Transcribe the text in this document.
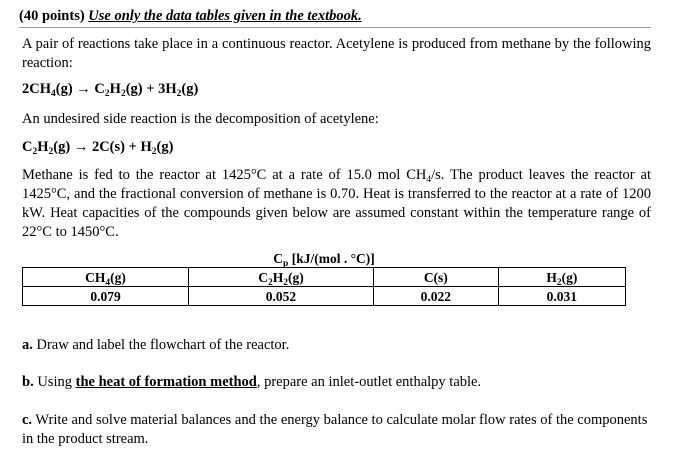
(40 points) Use only the data tables given in the textbook.
A pair of reactions take place in a continuous reactor. Acetylene is produced from methane by the following reaction:
$2CH_4(g) \to C_2H_2(g) + 3H_2(g)$
An undesired side reaction is the decomposition of acetylene:
$C_2H_2(g) \to 2C(s) + H_2(g)$
Methane is fed to the reactor at 1425°C at a rate of 15.0 mol $CH_4/s$. The product leaves the reactor at 1425°C, and the fractional conversion of methane is 0.70. Heat is transferred to the reactor at a rate of 1200 kW. Heat capacities of the compounds given below are assumed constant within the temperature range of 22°C to 1450°C.
$C_p$ [kJ/(mol . °C)]			
$CH_4(g)$	$C_2H_2(g)$	C(s)	$H_2(g)$
0.079	0.052	0.022	0.031
a. Draw and label the flowchart of the reactor.
b. Using the heat of formation method, prepare an inlet-outlet enthalpy table.
c. Write and solve material balances and the energy balance to calculate molar flow rates of the components in the product stream.
